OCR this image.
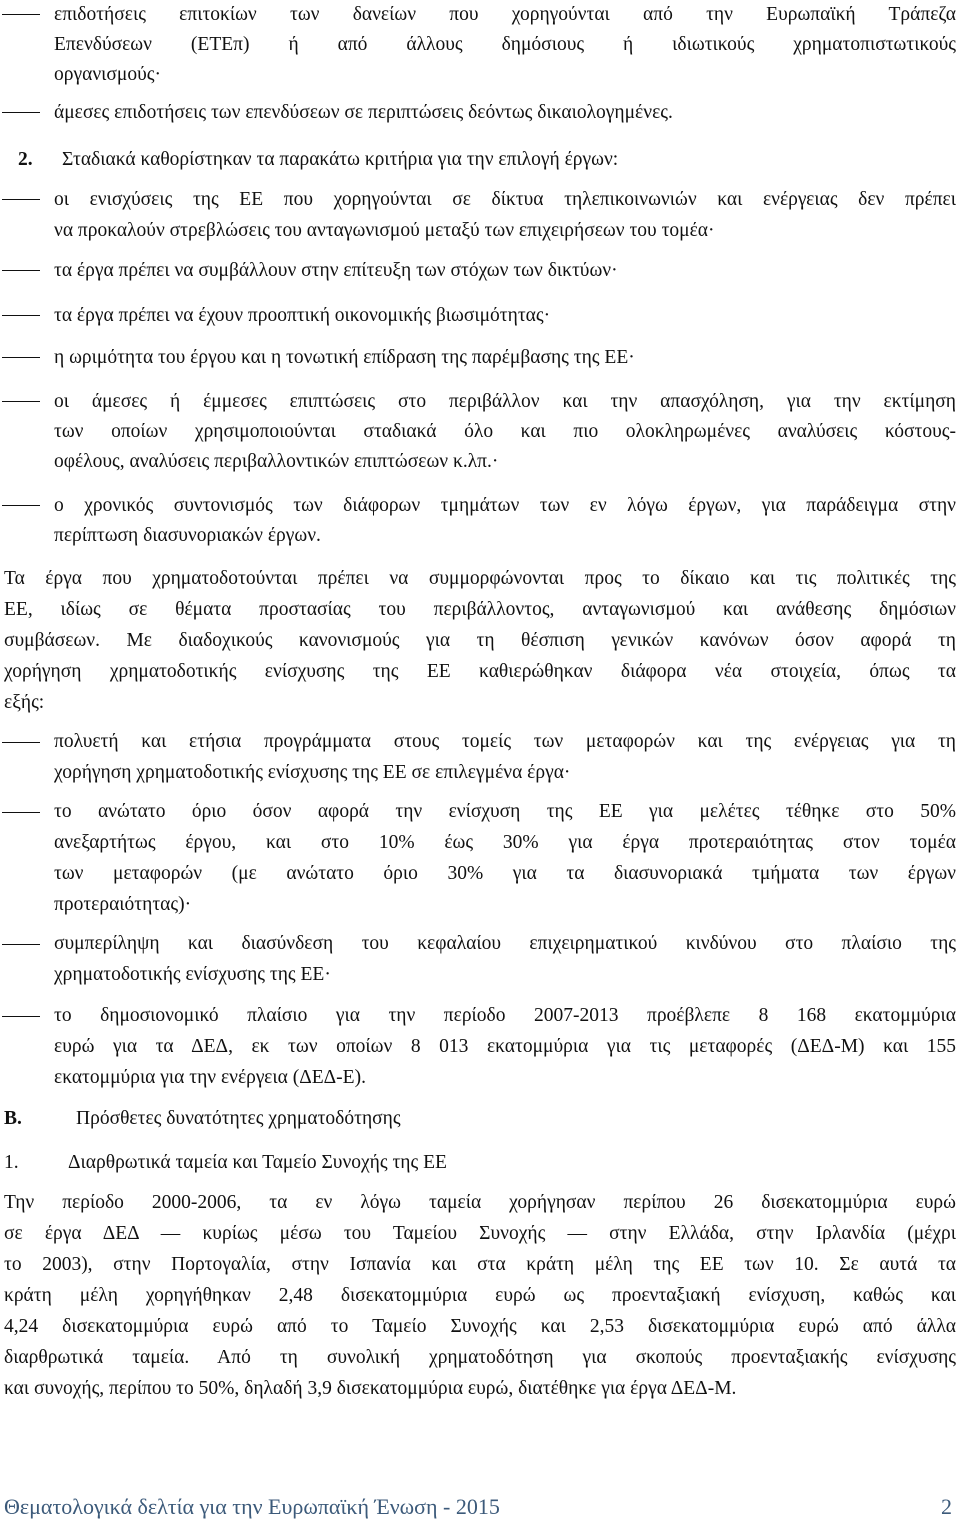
επιδοτήσεις επιτοκίων των δανείων που χορηγούνται από την Ευρωπαϊκή Τράπεζα
Επενδύσεων (ΕΤΕπ) ή από άλλους δημόσιους ή ιδιωτικούς χρηματοπιστωτικούς
οργανισμούς·
άμεσες επιδοτήσεις των επενδύσεων σε περιπτώσεις δεόντως δικαιολογημένες.
2. Σταδιακά καθορίστηκαν τα παρακάτω κριτήρια για την επιλογή έργων:
οι ενισχύσεις της ΕΕ που χορηγούνται σε δίκτυα τηλεπικοινωνιών και ενέργειας δεν πρέπει
να προκαλούν στρεβλώσεις του ανταγωνισμού μεταξύ των επιχειρήσεων του τομέα·
τα έργα πρέπει να συμβάλλουν στην επίτευξη των στόχων των δικτύων·
τα έργα πρέπει να έχουν προοπτική οικονομικής βιωσιμότητας·
η ωριμότητα του έργου και η τονωτική επίδραση της παρέμβασης της ΕΕ·
οι άμεσες ή έμμεσες επιπτώσεις στο περιβάλλον και την απασχόληση, για την εκτίμηση
των οποίων χρησιμοποιούνται σταδιακά όλο και πιο ολοκληρωμένες αναλύσεις κόστους-
οφέλους, αναλύσεις περιβαλλοντικών επιπτώσεων κ.λπ.·
ο χρονικός συντονισμός των διάφορων τμημάτων των εν λόγω έργων, για παράδειγμα στην
περίπτωση διασυνοριακών έργων.
Τα έργα που χρηματοδοτούνται πρέπει να συμμορφώνονται προς το δίκαιο και τις πολιτικές της
ΕΕ, ιδίως σε θέματα προστασίας του περιβάλλοντος, ανταγωνισμού και ανάθεσης δημόσιων
συμβάσεων. Με διαδοχικούς κανονισμούς για τη θέσπιση γενικών κανόνων όσον αφορά τη
χορήγηση χρηματοδοτικής ενίσχυσης της ΕΕ καθιερώθηκαν διάφορα νέα στοιχεία, όπως τα
εξής:
πολυετή και ετήσια προγράμματα στους τομείς των μεταφορών και της ενέργειας για τη
χορήγηση χρηματοδοτικής ενίσχυσης της ΕΕ σε επιλεγμένα έργα·
το ανώτατο όριο όσον αφορά την ενίσχυση της ΕΕ για μελέτες τέθηκε στο 50%
ανεξαρτήτως έργου, και στο 10% έως 30% για έργα προτεραιότητας στον τομέα
των μεταφορών (με ανώτατο όριο 30% για τα διασυνοριακά τμήματα των έργων
προτεραιότητας)·
συμπερίληψη και διασύνδεση του κεφαλαίου επιχειρηματικού κινδύνου στο πλαίσιο της
χρηματοδοτικής ενίσχυσης της ΕΕ·
το δημοσιονομικό πλαίσιο για την περίοδο 2007-2013 προέβλεπε 8 168 εκατομμύρια
ευρώ για τα ΔΕΔ, εκ των οποίων 8 013 εκατομμύρια για τις μεταφορές (ΔΕΔ-Μ) και 155
εκατομμύρια για την ενέργεια (ΔΕΔ-Ε).
B.	Πρόσθετες δυνατότητες χρηματοδότησης
1.	Διαρθρωτικά ταμεία και Ταμείο Συνοχής της ΕΕ
Την περίοδο 2000-2006, τα εν λόγω ταμεία χορήγησαν περίπου 26 δισεκατομμύρια ευρώ
σε έργα ΔΕΔ — κυρίως μέσω του Ταμείου Συνοχής — στην Ελλάδα, στην Ιρλανδία (μέχρι
το 2003), στην Πορτογαλία, στην Ισπανία και στα κράτη μέλη της ΕΕ των 10. Σε αυτά τα
κράτη μέλη χορηγήθηκαν 2,48 δισεκατομμύρια ευρώ ως προενταξιακή ενίσχυση, καθώς και
4,24 δισεκατομμύρια ευρώ από το Ταμείο Συνοχής και 2,53 δισεκατομμύρια ευρώ από άλλα
διαρθρωτικά ταμεία. Από τη συνολική χρηματοδότηση για σκοπούς προενταξιακής ενίσχυσης
και συνοχής, περίπου το 50%, δηλαδή 3,9 δισεκατομμύρια ευρώ, διατέθηκε για έργα ΔΕΔ-Μ.
Θεματολογικά δελτία για την Ευρωπαϊκή Ένωση - 2015	2
